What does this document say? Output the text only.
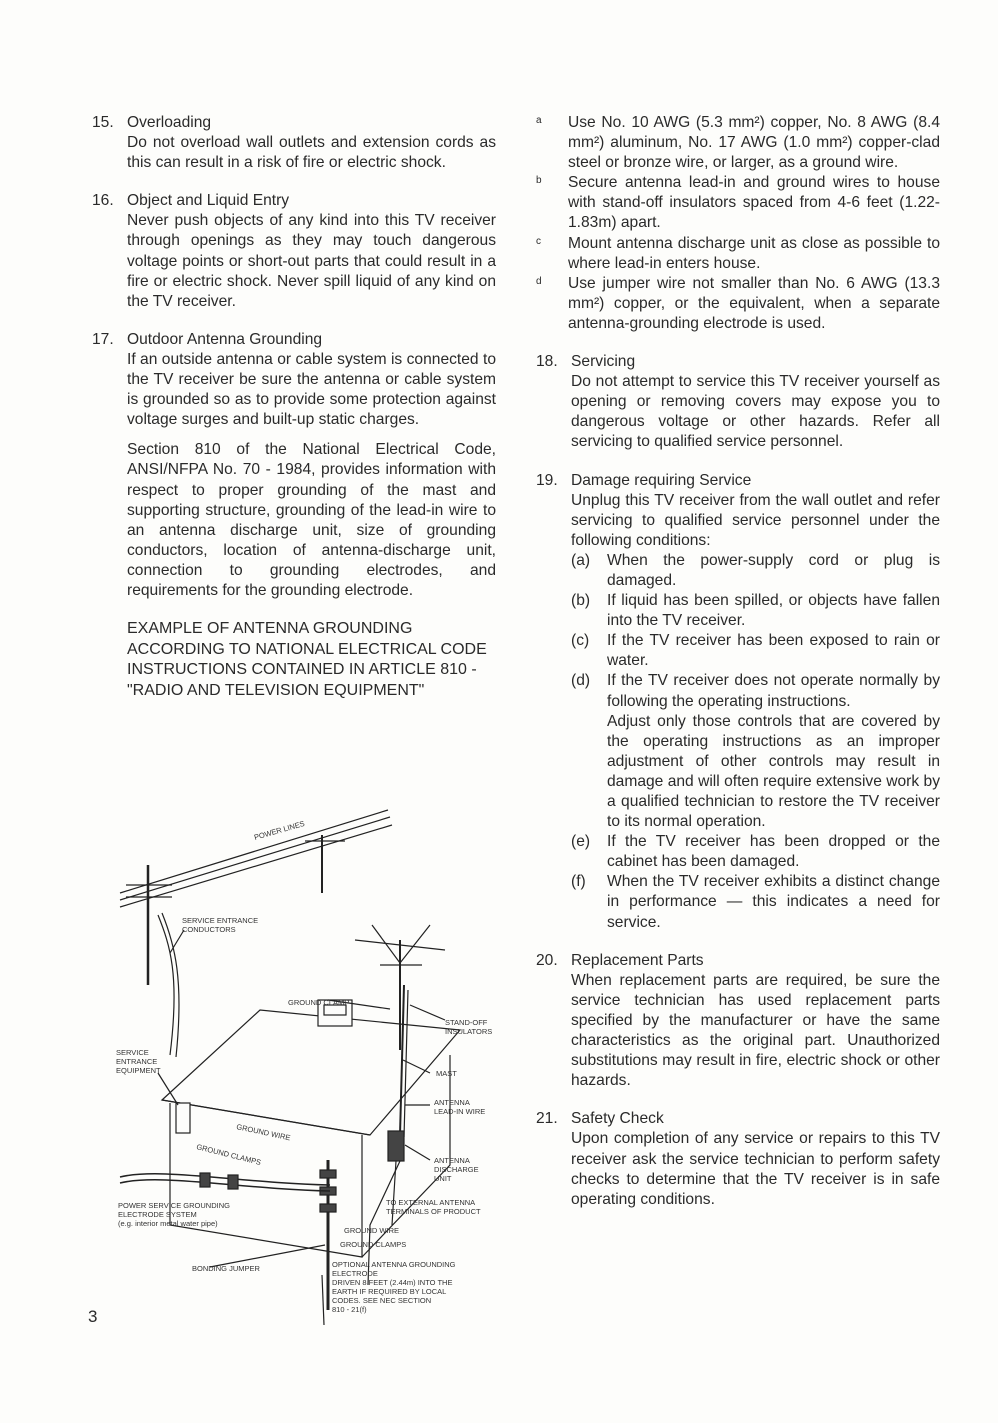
15. Overloading

Do not overload wall outlets and extension cords as this can result in a risk of fire or electric shock.

16. Object and Liquid Entry

Never push objects of any kind into this TV receiver through openings as they may touch dangerous voltage points or short-out parts that could result in a fire or electric shock. Never spill liquid of any kind on the TV receiver.

17. Outdoor Antenna Grounding

If an outside antenna or cable system is connected to the TV receiver be sure the antenna or cable system is grounded so as to provide some protection against voltage surges and built-up static charges.

Section 810 of the National Electrical Code, ANSI/NFPA No. 70 - 1984, provides information with respect to proper grounding of the mast and supporting structure, grounding of the lead-in wire to an antenna discharge unit, size of grounding conductors, location of antenna-discharge unit, connection to grounding electrodes, and requirements for the grounding electrode.

EXAMPLE OF ANTENNA GROUNDING ACCORDING TO NATIONAL ELECTRICAL CODE INSTRUCTIONS CONTAINED IN ARTICLE 810 - "RADIO AND TELEVISION EQUIPMENT"
POWER LINES
SERVICE ENTRANCE
CONDUCTORS
GROUND CLAMP
STAND-OFF
INSULATORS
SERVICE
ENTRANCE
EQUIPMENT	MAST
ANTENNA
LEAD-IN WIRE
GROUND WIRE
GROUND CLAMPS	ANTENNA
DISCHARGE
UNIT
POWER SERVICE GROUNDING
ELECTRODE SYSTEM
(e.g. interior metal water pipe)
TO EXTERNAL ANTENNA
TERMINALS OF PRODUCT
GROUND WIRE
GROUND CLAMPS
BONDING JUMPER	OPTIONAL ANTENNA GROUNDING
ELECTRODE
DRIVEN 8 FEET (2.44m) INTO THE
EARTH IF REQUIRED BY LOCAL
CODES. SEE NEC SECTION
810 - 21(f)
a Use No. 10 AWG (5.3 mm²) copper, No. 8 AWG (8.4 mm²) aluminum, No. 17 AWG (1.0 mm²) copper-clad steel or bronze wire, or larger, as a ground wire.
b Secure antenna lead-in and ground wires to house with stand-off insulators spaced from 4-6 feet (1.22-1.83m) apart.
c Mount antenna discharge unit as close as possible to where lead-in enters house.
d Use jumper wire not smaller than No. 6 AWG (13.3 mm²) copper, or the equivalent, when a separate antenna-grounding electrode is used.
18. Servicing

Do not attempt to service this TV receiver yourself as opening or removing covers may expose you to dangerous voltage or other hazards. Refer all servicing to qualified service personnel.

19. Damage requiring Service

Unplug this TV receiver from the wall outlet and refer servicing to qualified service personnel under the following conditions:

(a) When the power-supply cord or plug is damaged.

(b) If liquid has been spilled, or objects have fallen into the TV receiver.

(c) If the TV receiver has been exposed to rain or water.

(d) If the TV receiver does not operate normally by following the operating instructions.

Adjust only those controls that are covered by the operating instructions as an improper adjustment of other controls may result in damage and will often require extensive work by a qualified technician to restore the TV receiver to its normal operation.

(e) If the TV receiver has been dropped or the cabinet has been damaged.

(f) When the TV receiver exhibits a distinct change in performance — this indicates a need for service.

20. Replacement Parts

When replacement parts are required, be sure the service technician has used replacement parts specified by the manufacturer or have the same characteristics as the original part. Unauthorized substitutions may result in fire, electric shock or other hazards.

21. Safety Check

Upon completion of any service or repairs to this TV receiver ask the service technician to perform safety checks to determine that the TV receiver is in safe operating conditions.

3
